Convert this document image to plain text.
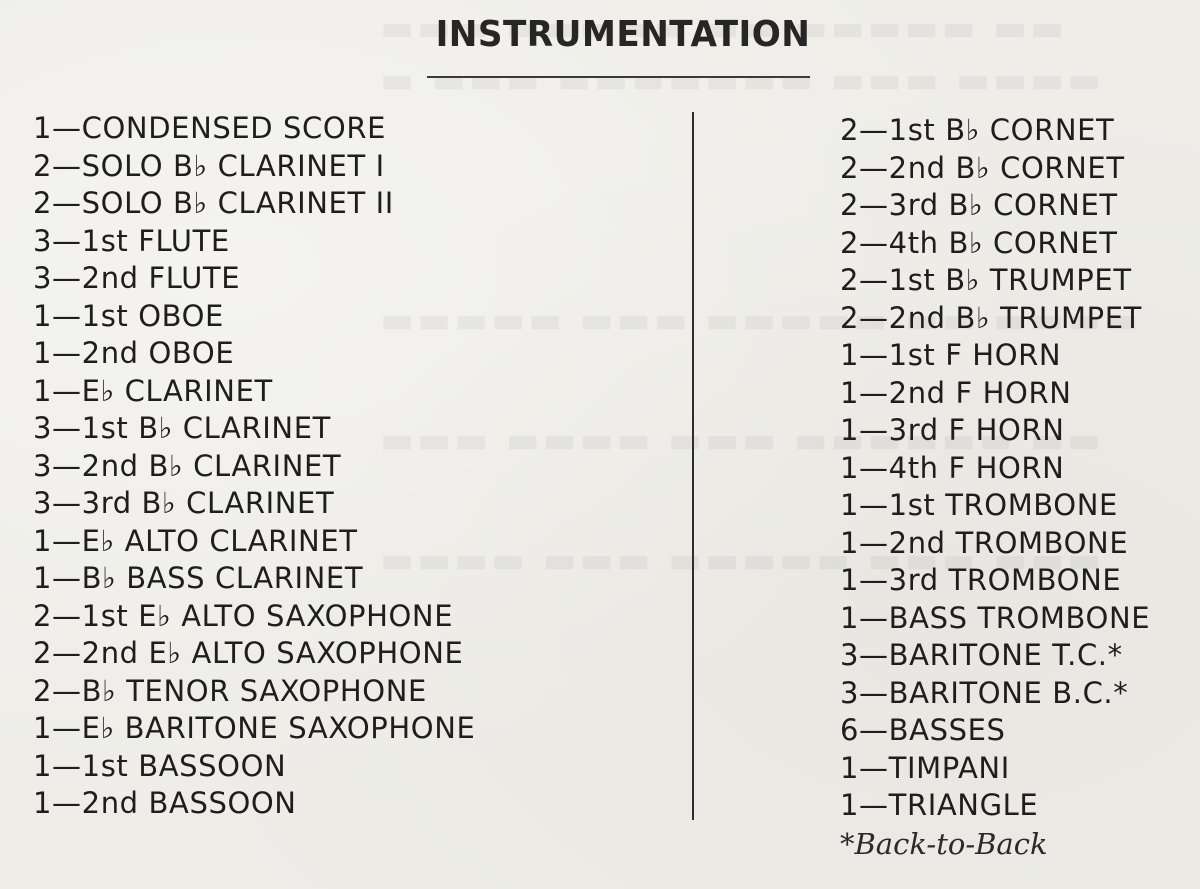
INSTRUMENTATION
1—CONDENSED SCORE
2—SOLO B♭ CLARINET I
2—SOLO B♭ CLARINET II
3—1st FLUTE
3—2nd FLUTE
1—1st OBOE
1—2nd OBOE
1—E♭ CLARINET
3—1st B♭ CLARINET
3—2nd B♭ CLARINET
3—3rd B♭ CLARINET
1—E♭ ALTO CLARINET
1—B♭ BASS CLARINET
2—1st E♭ ALTO SAXOPHONE
2—2nd E♭ ALTO SAXOPHONE
2—B♭ TENOR SAXOPHONE
1—E♭ BARITONE SAXOPHONE
1—1st BASSOON
1—2nd BASSOON
2—1st B♭ CORNET
2—2nd B♭ CORNET
2—3rd B♭ CORNET
2—4th B♭ CORNET
2—1st B♭ TRUMPET
2—2nd B♭ TRUMPET
1—1st F HORN
1—2nd F HORN
1—3rd F HORN
1—4th F HORN
1—1st TROMBONE
1—2nd TROMBONE
1—3rd TROMBONE
1—BASS TROMBONE
3—BARITONE T.C.*
3—BARITONE B.C.*
6—BASSES
1—TIMPANI
1—TRIANGLE
*Back-to-Back
